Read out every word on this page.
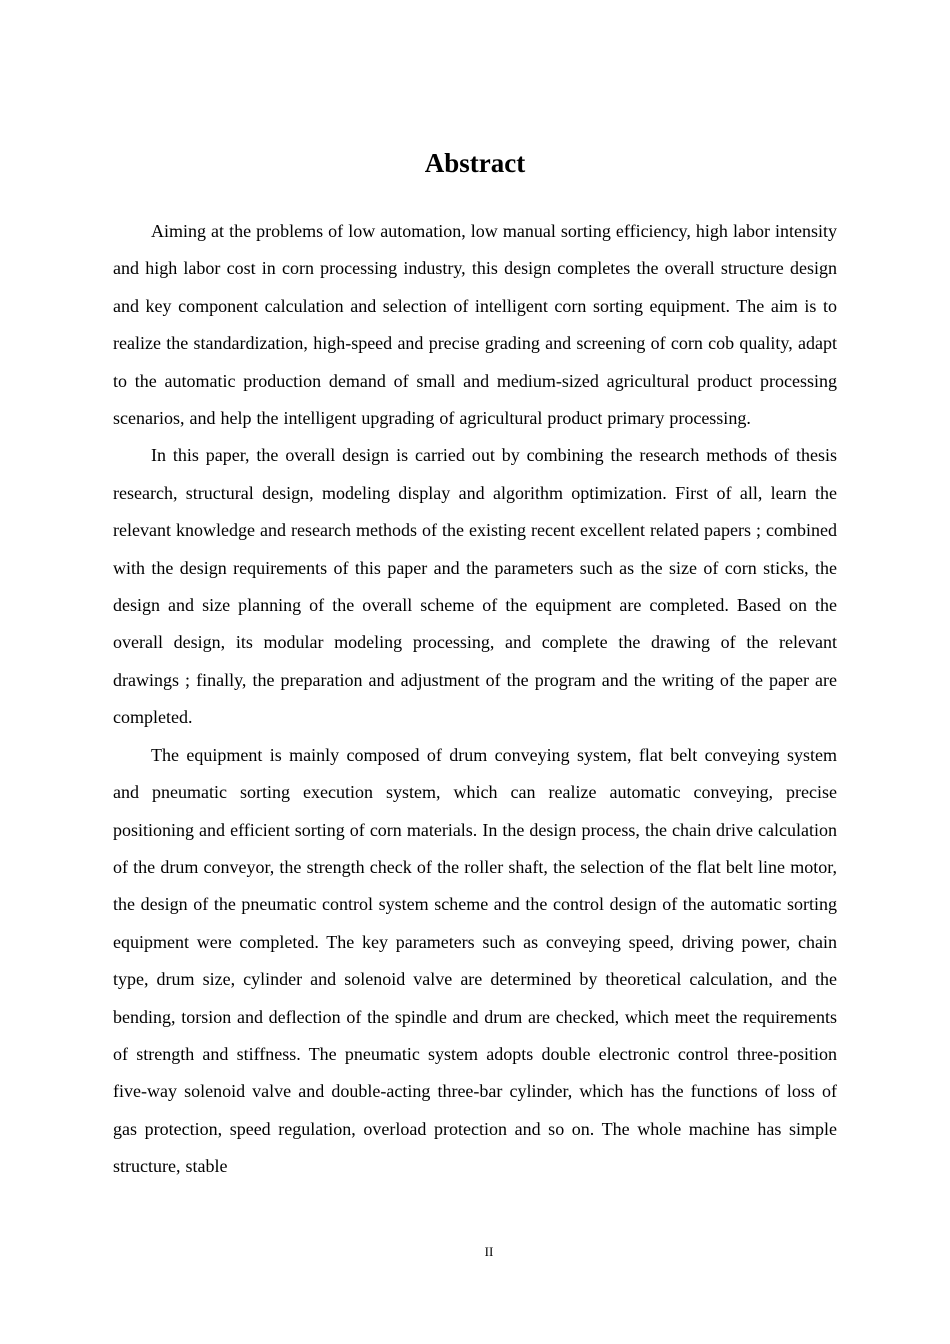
Abstract

Aiming at the problems of low automation, low manual sorting efficiency, high labor intensity and high labor cost in corn processing industry, this design completes the overall structure design and key component calculation and selection of intelligent corn sorting equipment. The aim is to realize the standardization, high-speed and precise grading and screening of corn cob quality, adapt to the automatic production demand of small and medium-sized agricultural product processing scenarios, and help the intelligent upgrading of agricultural product primary processing.

In this paper, the overall design is carried out by combining the research methods of thesis research, structural design, modeling display and algorithm optimization. First of all, learn the relevant knowledge and research methods of the existing recent excellent related papers ; combined with the design requirements of this paper and the parameters such as the size of corn sticks, the design and size planning of the overall scheme of the equipment are completed. Based on the overall design, its modular modeling processing, and complete the drawing of the relevant drawings ; finally, the preparation and adjustment of the program and the writing of the paper are completed.

The equipment is mainly composed of drum conveying system, flat belt conveying system and pneumatic sorting execution system, which can realize automatic conveying, precise positioning and efficient sorting of corn materials. In the design process, the chain drive calculation of the drum conveyor, the strength check of the roller shaft, the selection of the flat belt line motor, the design of the pneumatic control system scheme and the control design of the automatic sorting equipment were completed. The key parameters such as conveying speed, driving power, chain type, drum size, cylinder and solenoid valve are determined by theoretical calculation, and the bending, torsion and deflection of the spindle and drum are checked, which meet the requirements of strength and stiffness. The pneumatic system adopts double electronic control three-position five-way solenoid valve and double-acting three-bar cylinder, which has the functions of loss of gas protection, speed regulation, overload protection and so on. The whole machine has simple structure, stable

II
